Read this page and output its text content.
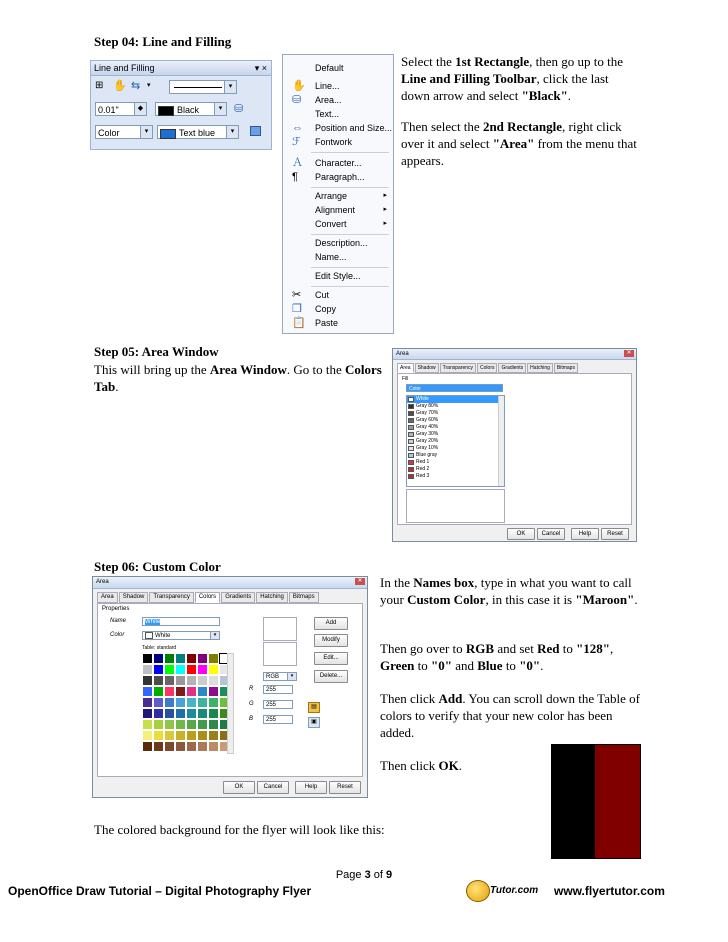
Step 04: Line and Filling
Line and Filling	▾ ×
⊞ ✋ ⇆ ▾	▾
0.01"	◆	Black	▾	⛁
Color	▾	Text blue	▾
Default
✋ Line...
⛁ Area...
Text...
⇔ Position and Size...
ℱ Fontwork
Ａ Character...
¶ Paragraph...
Arrange	▸
Alignment	▸
Convert	▸
Description...
Name...
Edit Style...
✂ Cut
❐ Copy
📋 Paste
Select the 1st Rectangle, then go up to the Line and Filling Toolbar, click the last down arrow and select "Black".
Then select the 2nd Rectangle, right click over it and select "Area" from the menu that appears.
Step 05: Area Window
This will bring up the Area Window. Go to the Colors Tab.
Area	✕
Area	Shadow	Transparency	Colors	Gradients	Hatching	Bitmaps
Fill
Color
White
Gray 80%
Gray 70%
Gray 60%
Gray 40%
Gray 30%
Gray 20%
Gray 10%
Blue gray
Red 1
Red 2
Red 3
OK	Cancel	Help	Reset
Step 06: Custom Color
Area	✕
Area	Shadow	Transparency	Colors	Gradients	Hatching	Bitmaps
Properties
Name	White
Color	White	▾
Table: standard
RGB	▾
R	255
G	255
B	255
Add
Modify
Edit...
Delete...
▤
▣
OK	Cancel	Help	Reset
In the Names box, type in what you want to call your Custom Color, in this case it is "Maroon".
Then go over to RGB and set Red to "128", Green to "0" and Blue to "0".
Then click Add. You can scroll down the Table of colors to verify that your new color has been added.
Then click OK.
The colored background for the flyer will look like this:
Page 3 of 9
OpenOffice Draw Tutorial – Digital Photography Flyer	Tutor.com www.flyertutor.com
